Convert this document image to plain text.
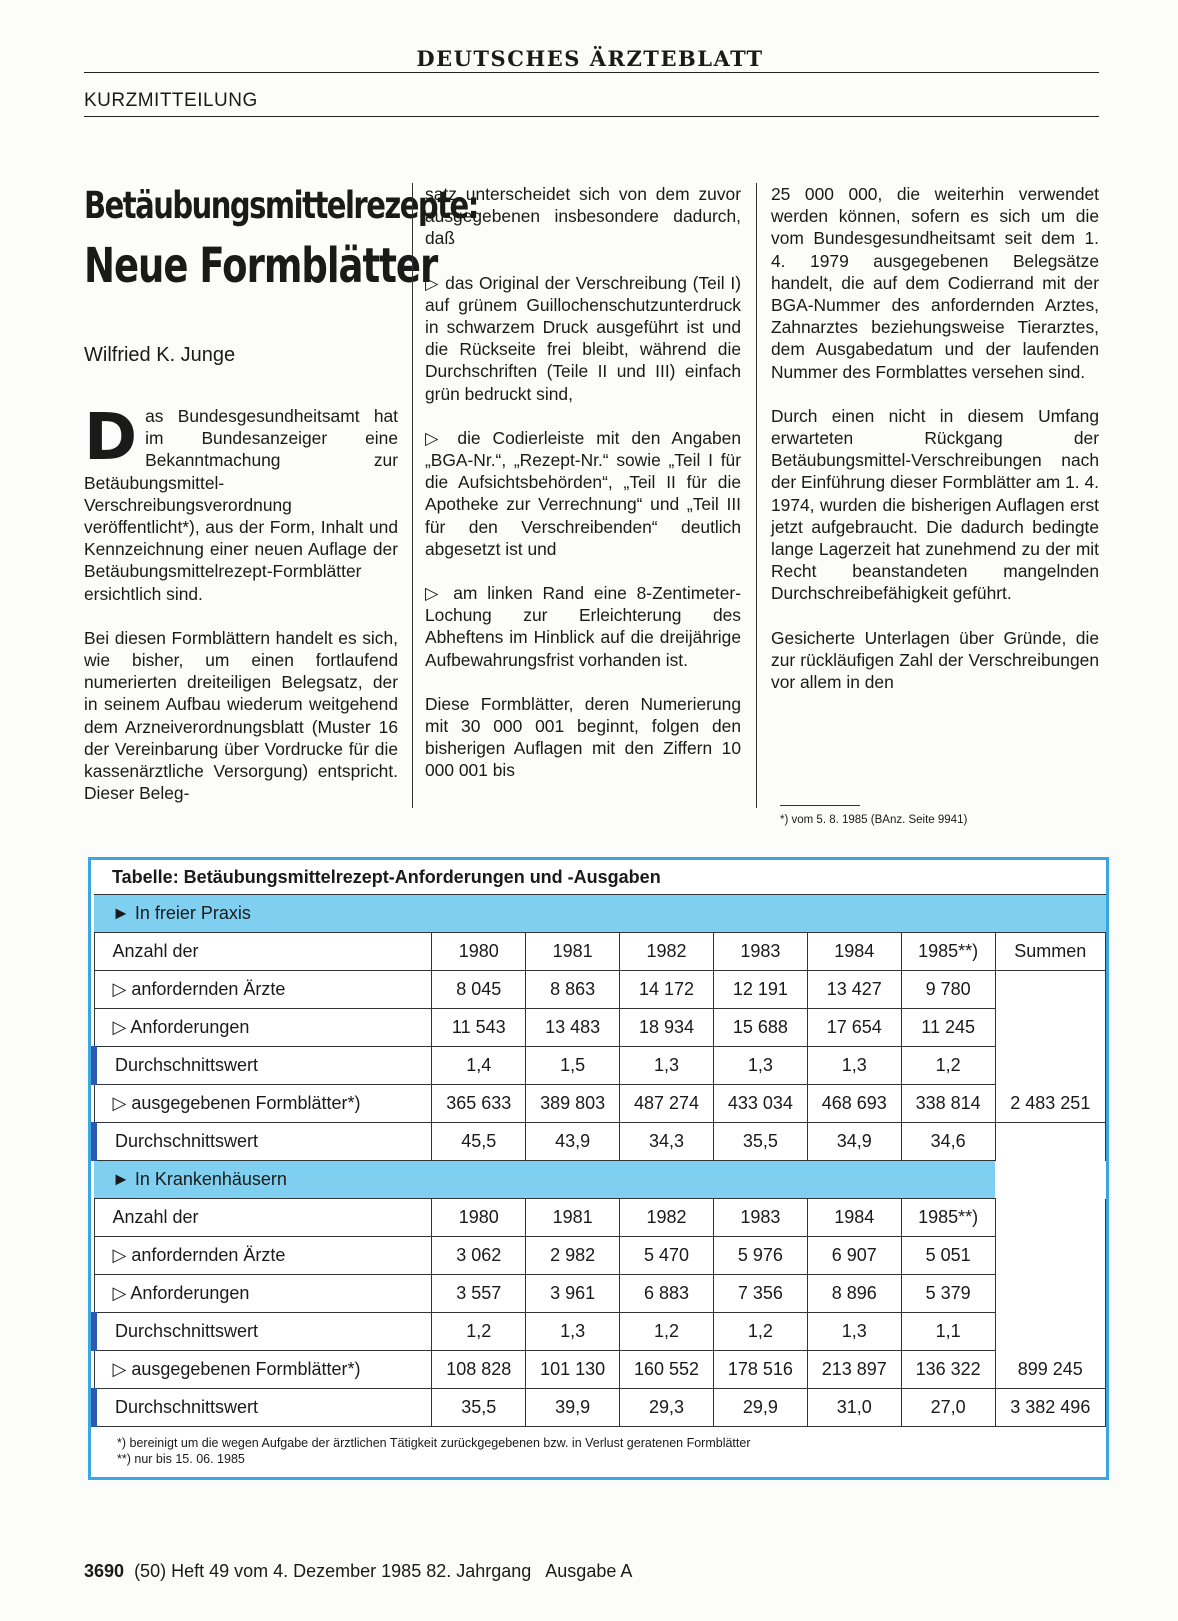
DEUTSCHES ÄRZTEBLATT
KURZMITTEILUNG
Betäubungsmittelrezepte:
Neue Formblätter
Wilfried K. Junge

Das Bundesgesundheitsamt hat im Bundesanzeiger eine Bekanntmachung zur Betäubungsmittel-Verschreibungsverordnung veröffentlicht*), aus der Form, Inhalt und Kennzeichnung einer neuen Auflage der Betäubungsmittelrezept-Formblätter ersichtlich sind.

Bei diesen Formblättern handelt es sich, wie bisher, um einen fortlaufend numerierten dreiteiligen Belegsatz, der in seinem Aufbau wiederum weitgehend dem Arzneiverordnungsblatt (Muster 16 der Vereinbarung über Vordrucke für die kassenärztliche Versorgung) entspricht. Dieser Beleg-

satz unterscheidet sich von dem zuvor ausgegebenen insbesondere dadurch, daß

▷ das Original der Verschreibung (Teil I) auf grünem Guillochenschutzunterdruck in schwarzem Druck ausgeführt ist und die Rückseite frei bleibt, während die Durchschriften (Teile II und III) einfach grün bedruckt sind,

▷ die Codierleiste mit den Angaben „BGA-Nr.“, „Rezept-Nr.“ sowie „Teil I für die Aufsichtsbehörden“, „Teil II für die Apotheke zur Verrechnung“ und „Teil III für den Verschreibenden“ deutlich abgesetzt ist und

▷ am linken Rand eine 8-Zentimeter-Lochung zur Erleichterung des Abheftens im Hinblick auf die dreijährige Aufbewahrungsfrist vorhanden ist.

Diese Formblätter, deren Numerierung mit 30 000 001 beginnt, folgen den bisherigen Auflagen mit den Ziffern 10 000 001 bis

25 000 000, die weiterhin verwendet werden können, sofern es sich um die vom Bundesgesundheitsamt seit dem 1. 4. 1979 ausgegebenen Belegsätze handelt, die auf dem Codierrand mit der BGA-Nummer des anfordernden Arztes, Zahnarztes beziehungsweise Tierarztes, dem Ausgabedatum und der laufenden Nummer des Formblattes versehen sind.

Durch einen nicht in diesem Umfang erwarteten Rückgang der Betäubungsmittel-Verschreibungen nach der Einführung dieser Formblätter am 1. 4. 1974, wurden die bisherigen Auflagen erst jetzt aufgebraucht. Die dadurch bedingte lange Lagerzeit hat zunehmend zu der mit Recht beanstandeten mangelnden Durchschreibefähigkeit geführt.

Gesicherte Unterlagen über Gründe, die zur rückläufigen Zahl der Verschreibungen vor allem in den

*) vom 5. 8. 1985 (BAnz. Seite 9941)
Tabelle: Betäubungsmittelrezept-Anforderungen und -Ausgaben							
► In freier Praxis							
Anzahl der	1980	1981	1982	1983	1984	1985**)	Summen
▷ anfordernden Ärzte	8 045	8 863	14 172	12 191	13 427	9 780	
▷ Anforderungen	11 543	13 483	18 934	15 688	17 654	11 245	
Durchschnittswert	1,4	1,5	1,3	1,3	1,3	1,2	
▷ ausgegebenen Formblätter*)	365 633	389 803	487 274	433 034	468 693	338 814	2 483 251
Durchschnittswert	45,5	43,9	34,3	35,5	34,9	34,6	
► In Krankenhäusern							
Anzahl der	1980	1981	1982	1983	1984	1985**)	
▷ anfordernden Ärzte	3 062	2 982	5 470	5 976	6 907	5 051	
▷ Anforderungen	3 557	3 961	6 883	7 356	8 896	5 379	
Durchschnittswert	1,2	1,3	1,2	1,2	1,3	1,1	
▷ ausgegebenen Formblätter*)	108 828	101 130	160 552	178 516	213 897	136 322	899 245
Durchschnittswert	35,5	39,9	29,3	29,9	31,0	27,0	3 382 496
*) bereinigt um die wegen Aufgabe der ärztlichen Tätigkeit zurückgegebenen bzw. in Verlust geratenen Formblätter
**) nur bis 15. 06. 1985
3690 (50) Heft 49 vom 4. Dezember 1985 82. Jahrgang   Ausgabe A
